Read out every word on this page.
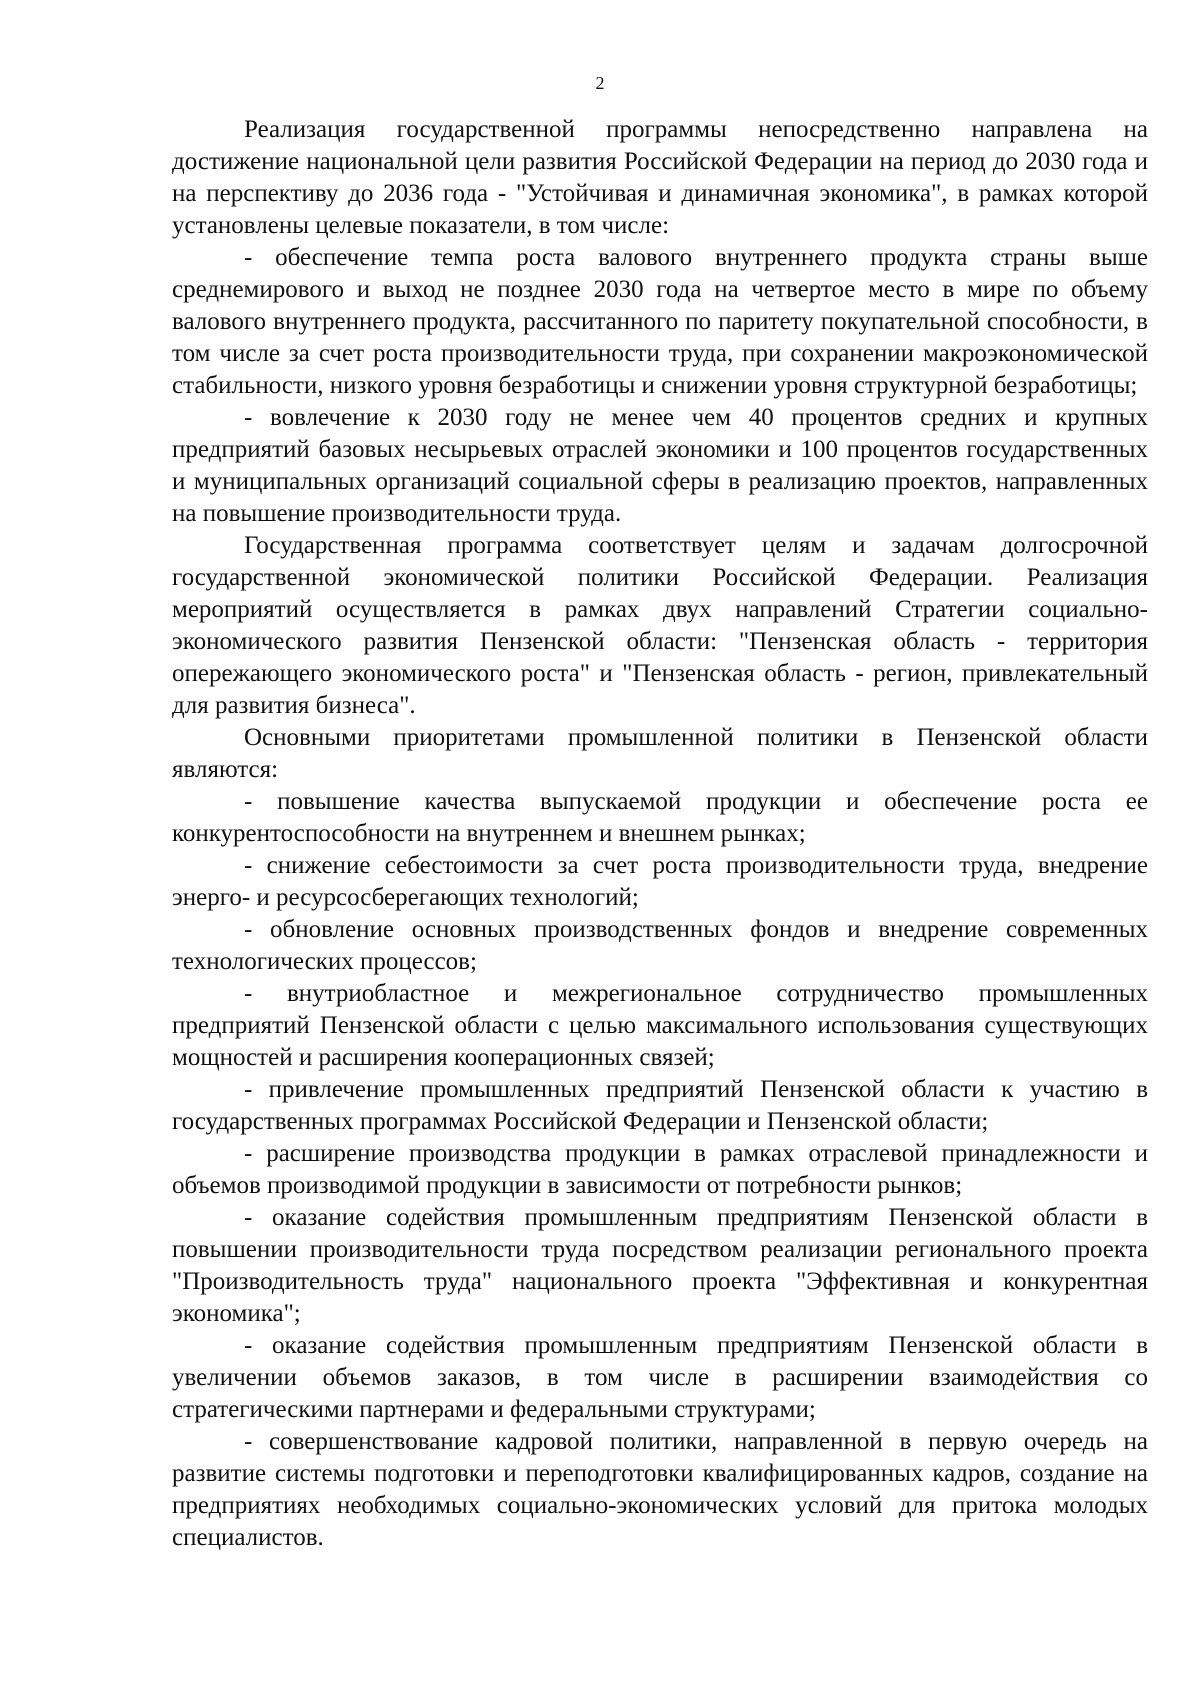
2

Реализация государственной программы непосредственно направлена на достижение национальной цели развития Российской Федерации на период до 2030 года и на перспективу до 2036 года - "Устойчивая и динамичная экономика", в рамках которой установлены целевые показатели, в том числе:

- обеспечение темпа роста валового внутреннего продукта страны выше среднемирового и выход не позднее 2030 года на четвертое место в мире по объему валового внутреннего продукта, рассчитанного по паритету покупательной способности, в том числе за счет роста производительности труда, при сохранении макроэкономической стабильности, низкого уровня безработицы и снижении уровня структурной безработицы;

- вовлечение к 2030 году не менее чем 40 процентов средних и крупных предприятий базовых несырьевых отраслей экономики и 100 процентов государственных и муниципальных организаций социальной сферы в реализацию проектов, направленных на повышение производительности труда.

Государственная программа соответствует целям и задачам долгосрочной государственной экономической политики Российской Федерации. Реализация мероприятий осуществляется в рамках двух направлений Стратегии социально-экономического развития Пензенской области: "Пензенская область - территория опережающего экономического роста" и "Пензенская область - регион, привлекательный для развития бизнеса".

Основными приоритетами промышленной политики в Пензенской области являются:

- повышение качества выпускаемой продукции и обеспечение роста ее конкурентоспособности на внутреннем и внешнем рынках;

- снижение себестоимости за счет роста производительности труда, внедрение энерго- и ресурсосберегающих технологий;

- обновление основных производственных фондов и внедрение современных технологических процессов;

- внутриобластное и межрегиональное сотрудничество промышленных предприятий Пензенской области с целью максимального использования существующих мощностей и расширения кооперационных связей;

- привлечение промышленных предприятий Пензенской области к участию в государственных программах Российской Федерации и Пензенской области;

- расширение производства продукции в рамках отраслевой принадлежности и объемов производимой продукции в зависимости от потребности рынков;

- оказание содействия промышленным предприятиям Пензенской области в повышении производительности труда посредством реализации регионального проекта "Производительность труда" национального проекта "Эффективная и конкурентная экономика";

- оказание содействия промышленным предприятиям Пензенской области в увеличении объемов заказов, в том числе в расширении взаимодействия со стратегическими партнерами и федеральными структурами;

- совершенствование кадровой политики, направленной в первую очередь на развитие системы подготовки и переподготовки квалифицированных кадров, создание на предприятиях необходимых социально-экономических условий для притока молодых специалистов.
